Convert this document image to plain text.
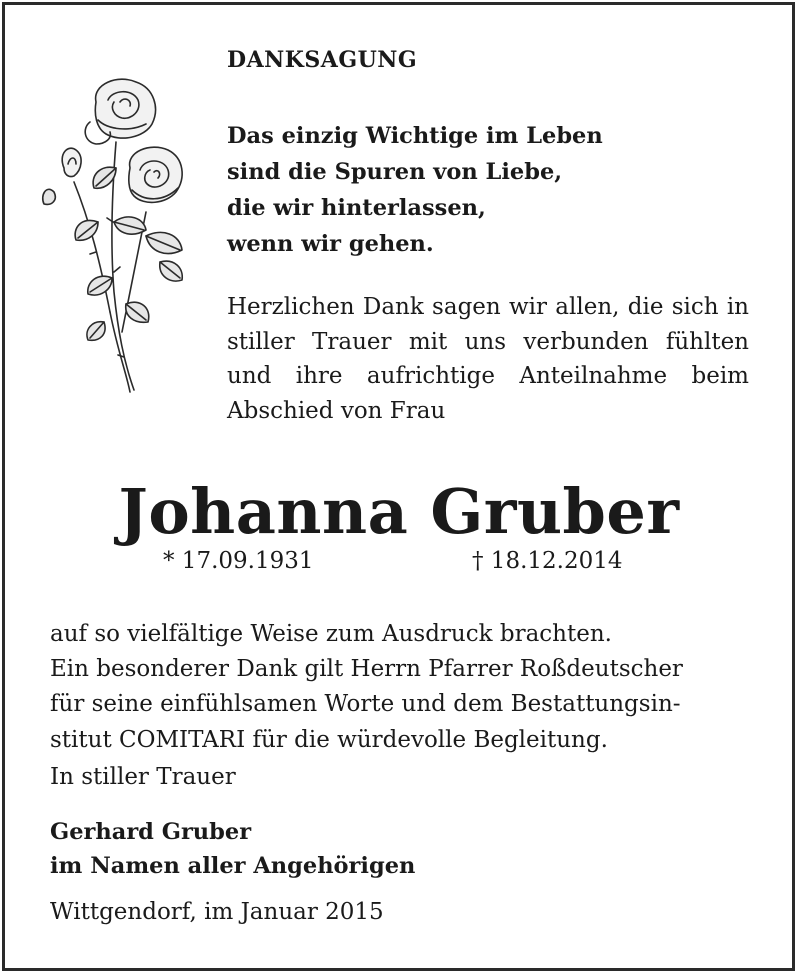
DANKSAGUNG
Das einzig Wichtige im Leben
sind die Spuren von Liebe,
die wir hinterlassen,
wenn wir gehen.
Herzlichen Dank sagen wir allen, die sich in stiller Trauer mit uns verbunden fühlten und ihre aufrichtige Anteilnahme beim Abschied von Frau
Johanna Gruber
* 17.09.1931	† 18.12.2014
auf so vielfältige Weise zum Ausdruck brachten.
Ein besonderer Dank gilt Herrn Pfarrer Roßdeutscher
für seine einfühlsamen Worte und dem Bestattungsin-
stitut COMITARI für die würdevolle Begleitung.
In stiller Trauer
Gerhard Gruber
im Namen aller Angehörigen
Wittgendorf, im Januar 2015
